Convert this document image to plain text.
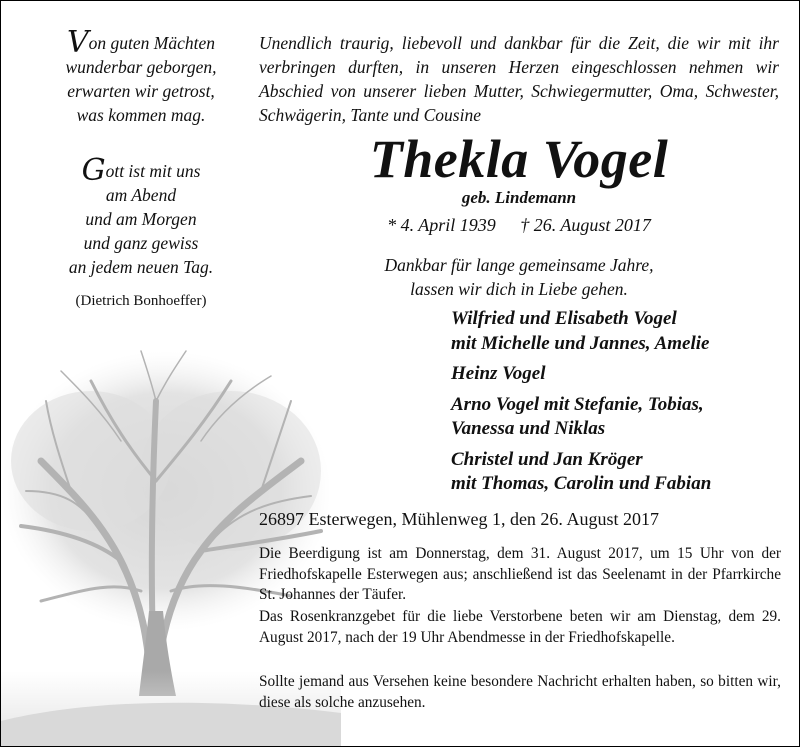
Von guten Mächten
wunderbar geborgen,
erwarten wir getrost,
was kommen mag.
Gott ist mit uns
am Abend
und am Morgen
und ganz gewiss
an jedem neuen Tag.
(Dietrich Bonhoeffer)
Unendlich traurig, liebevoll und dankbar für die Zeit, die wir mit ihr verbringen durften, in unseren Herzen eingeschlossen nehmen wir Abschied von unserer lieben Mutter, Schwiegermutter, Oma, Schwester, Schwägerin, Tante und Cousine
Thekla Vogel
geb. Lindemann
* 4. April 1939 † 26. August 2017
Dankbar für lange gemeinsame Jahre,
lassen wir dich in Liebe gehen.
Wilfried und Elisabeth Vogel
mit Michelle und Jannes, Amelie
Heinz Vogel
Arno Vogel mit Stefanie, Tobias,
Vanessa und Niklas
Christel und Jan Kröger
mit Thomas, Carolin und Fabian
26897 Esterwegen, Mühlenweg 1, den 26. August 2017
Die Beerdigung ist am Donnerstag, dem 31. August 2017, um 15 Uhr von der Friedhofskapelle Esterwegen aus; anschließend ist das Seelenamt in der Pfarrkirche St. Johannes der Täufer.
Das Rosenkranzgebet für die liebe Verstorbene beten wir am Dienstag, dem 29. August 2017, nach der 19 Uhr Abendmesse in der Friedhofskapelle.
Sollte jemand aus Versehen keine besondere Nachricht erhalten haben, so bitten wir, diese als solche anzusehen.
